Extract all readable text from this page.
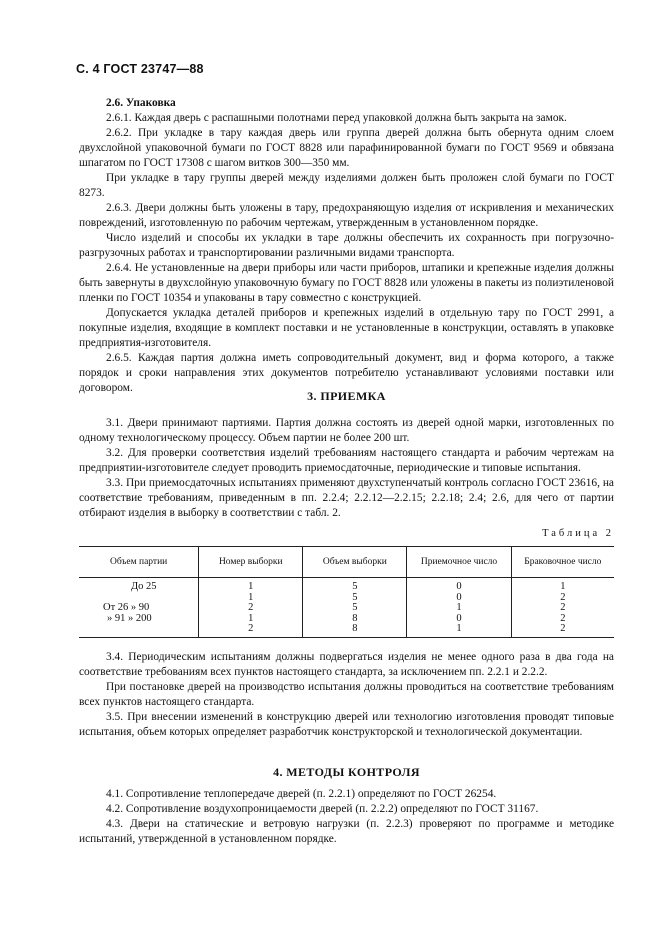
С. 4 ГОСТ 23747—88

2.6. Упаковка

2.6.1. Каждая дверь с распашными полотнами перед упаковкой должна быть закрыта на замок.

2.6.2. При укладке в тару каждая дверь или группа дверей должна быть обернута одним слоем двухслойной упаковочной бумаги по ГОСТ 8828 или парафинированной бумаги по ГОСТ 9569 и обвязана шпагатом по ГОСТ 17308 с шагом витков 300—350 мм.

При укладке в тару группы дверей между изделиями должен быть проложен слой бумаги по ГОСТ 8273.

2.6.3. Двери должны быть уложены в тару, предохраняющую изделия от искривления и механических повреждений, изготовленную по рабочим чертежам, утвержденным в установленном порядке.

Число изделий и способы их укладки в таре должны обеспечить их сохранность при погрузочно-разгрузочных работах и транспортировании различными видами транспорта.

2.6.4. Не установленные на двери приборы или части приборов, штапики и крепежные изделия должны быть завернуты в двухслойную упаковочную бумагу по ГОСТ 8828 или уложены в пакеты из полиэтиленовой пленки по ГОСТ 10354 и упакованы в тару совместно с конструкцией.

Допускается укладка деталей приборов и крепежных изделий в отдельную тару по ГОСТ 2991, а покупные изделия, входящие в комплект поставки и не установленные в конструкции, оставлять в упаковке предприятия-изготовителя.

2.6.5. Каждая партия должна иметь сопроводительный документ, вид и форма которого, а также порядок и сроки направления этих документов потребителю устанавливают условиями поставки или договором.

3. ПРИЕМКА

3.1. Двери принимают партиями. Партия должна состоять из дверей одной марки, изготовленных по одному технологическому процессу. Объем партии не более 200 шт.

3.2. Для проверки соответствия изделий требованиям настоящего стандарта и рабочим чертежам на предприятии-изготовителе следует проводить приемосдаточные, периодические и типовые испытания.

3.3. При приемосдаточных испытаниях применяют двухступенчатый контроль согласно ГОСТ 23616, на соответствие требованиям, приведенным в пп. 2.2.4; 2.2.12—2.2.15; 2.2.18; 2.4; 2.6, для чего от партии отбирают изделия в выборку в соответствии с табл. 2.

Таблица 2
Объем партии	Номер выборки	Объем выборки	Приемочное число	Браковочное число
До 25	1	5	0	1
	1	5	0	2
От 26 » 90	2	5	1	2
» 91 » 200	1	8	0	2
	2	8	1	2

3.4. Периодическим испытаниям должны подвергаться изделия не менее одного раза в два года на соответствие требованиям всех пунктов настоящего стандарта, за исключением пп. 2.2.1 и 2.2.2.

При постановке дверей на производство испытания должны проводиться на соответствие требованиям всех пунктов настоящего стандарта.

3.5. При внесении изменений в конструкцию дверей или технологию изготовления проводят типовые испытания, объем которых определяет разработчик конструкторской и технологической документации.

4. МЕТОДЫ КОНТРОЛЯ

4.1. Сопротивление теплопередаче дверей (п. 2.2.1) определяют по ГОСТ 26254.

4.2. Сопротивление воздухопроницаемости дверей (п. 2.2.2) определяют по ГОСТ 31167.

4.3. Двери на статические и ветровую нагрузки (п. 2.2.3) проверяют по программе и методике испытаний, утвержденной в установленном порядке.
